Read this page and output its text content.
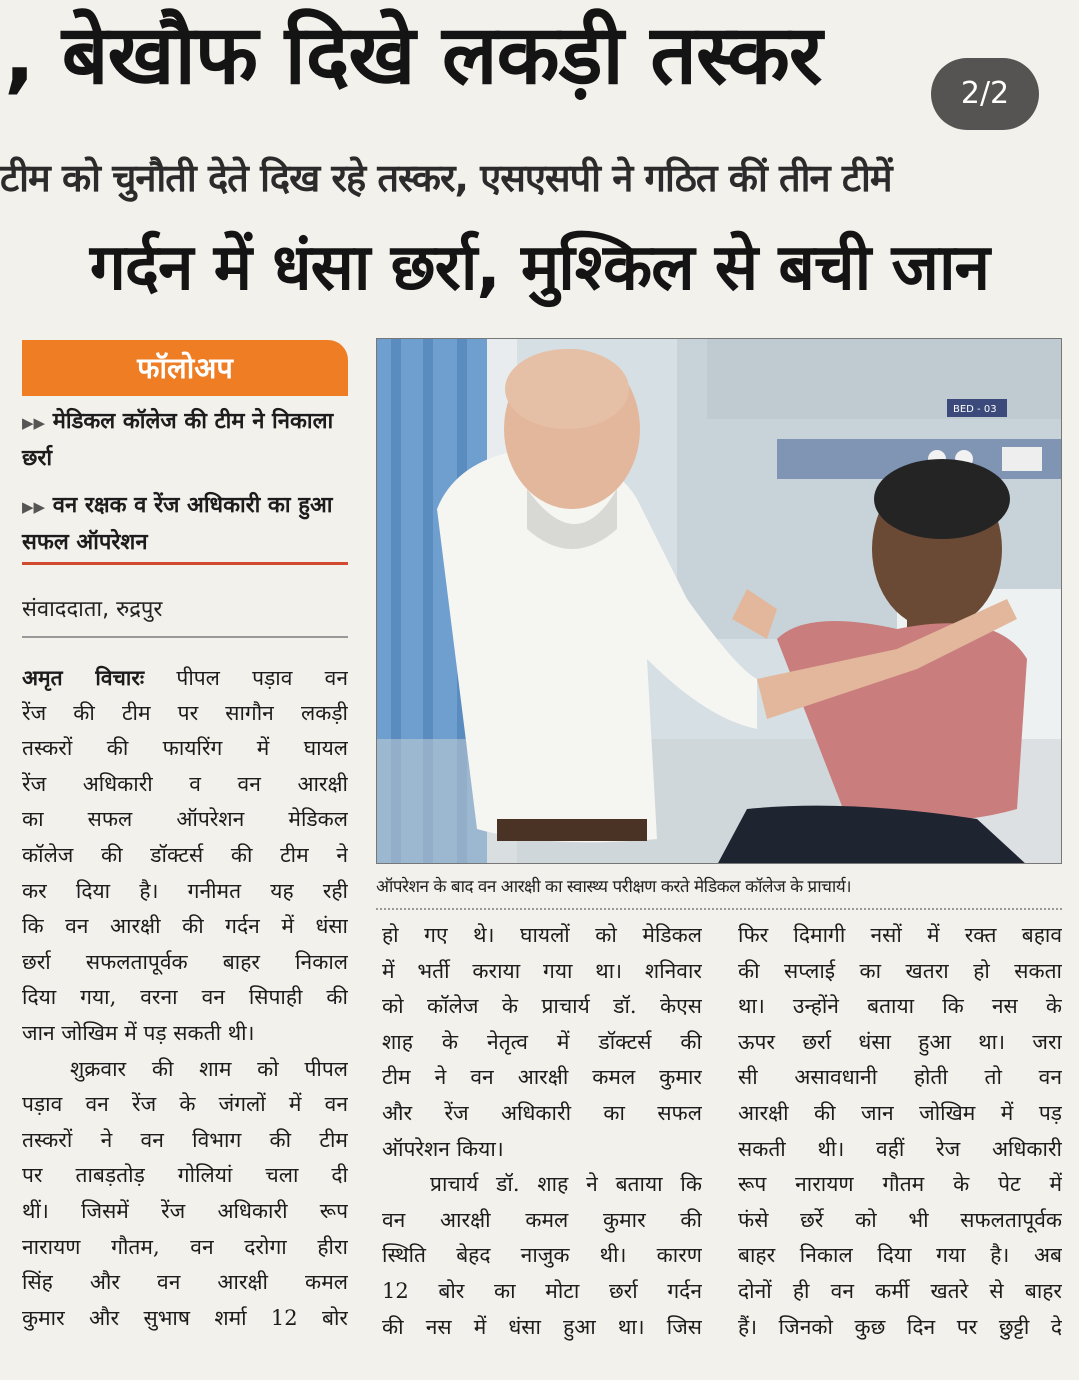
, बेखौफ दिखे लकड़ी तस्कर	2/2
टीम को चुनौती देते दिख रहे तस्कर, एसएसपी ने गठित कीं तीन टीमें
गर्दन में धंसा छर्रा, मुश्किल से बची जान
फॉलोअप
▶▶ मेडिकल कॉलेज की टीम ने निकाला छर्रा
▶▶ वन रक्षक व रेंज अधिकारी का हुआ सफल ऑपरेशन
संवाददाता, रुद्रपुर
BED - 03
ऑपरेशन के बाद वन आरक्षी का स्वास्थ्य परीक्षण करते मेडिकल कॉलेज के प्राचार्य।

अमृत विचारः पीपल पड़ाव वन

रेंज की टीम पर सागौन लकड़ी

तस्करों की फायरिंग में घायल

रेंज अधिकारी व वन आरक्षी

का सफल ऑपरेशन मेडिकल

कॉलेज की डॉक्टर्स की टीम ने

कर दिया है। गनीमत यह रही

कि वन आरक्षी की गर्दन में धंसा

छर्रा सफलतापूर्वक बाहर निकाल

दिया गया, वरना वन सिपाही की

जान जोखिम में पड़ सकती थी।

शुक्रवार की शाम को पीपल

पड़ाव वन रेंज के जंगलों में वन

तस्करों ने वन विभाग की टीम

पर ताबड़तोड़ गोलियां चला दी

थीं। जिसमें रेंज अधिकारी रूप

नारायण गौतम, वन दरोगा हीरा

सिंह और वन आरक्षी कमल

कुमार और सुभाष शर्मा 12 बोर

हो गए थे। घायलों को मेडिकल

में भर्ती कराया गया था। शनिवार

को कॉलेज के प्राचार्य डॉ. केएस

शाह के नेतृत्व में डॉक्टर्स की

टीम ने वन आरक्षी कमल कुमार

और रेंज अधिकारी का सफल

ऑपरेशन किया।

प्राचार्य डॉ. शाह ने बताया कि

वन आरक्षी कमल कुमार की

स्थिति बेहद नाजुक थी। कारण

12 बोर का मोटा छर्रा गर्दन

की नस में धंसा हुआ था। जिस

फिर दिमागी नसों में रक्त बहाव

की सप्लाई का खतरा हो सकता

था। उन्होंने बताया कि नस के

ऊपर छर्रा धंसा हुआ था। जरा

सी असावधानी होती तो वन

आरक्षी की जान जोखिम में पड़

सकती थी। वहीं रेज अधिकारी

रूप नारायण गौतम के पेट में

फंसे छर्रे को भी सफलतापूर्वक

बाहर निकाल दिया गया है। अब

दोनों ही वन कर्मी खतरे से बाहर

हैं। जिनको कुछ दिन पर छुट्टी दे
